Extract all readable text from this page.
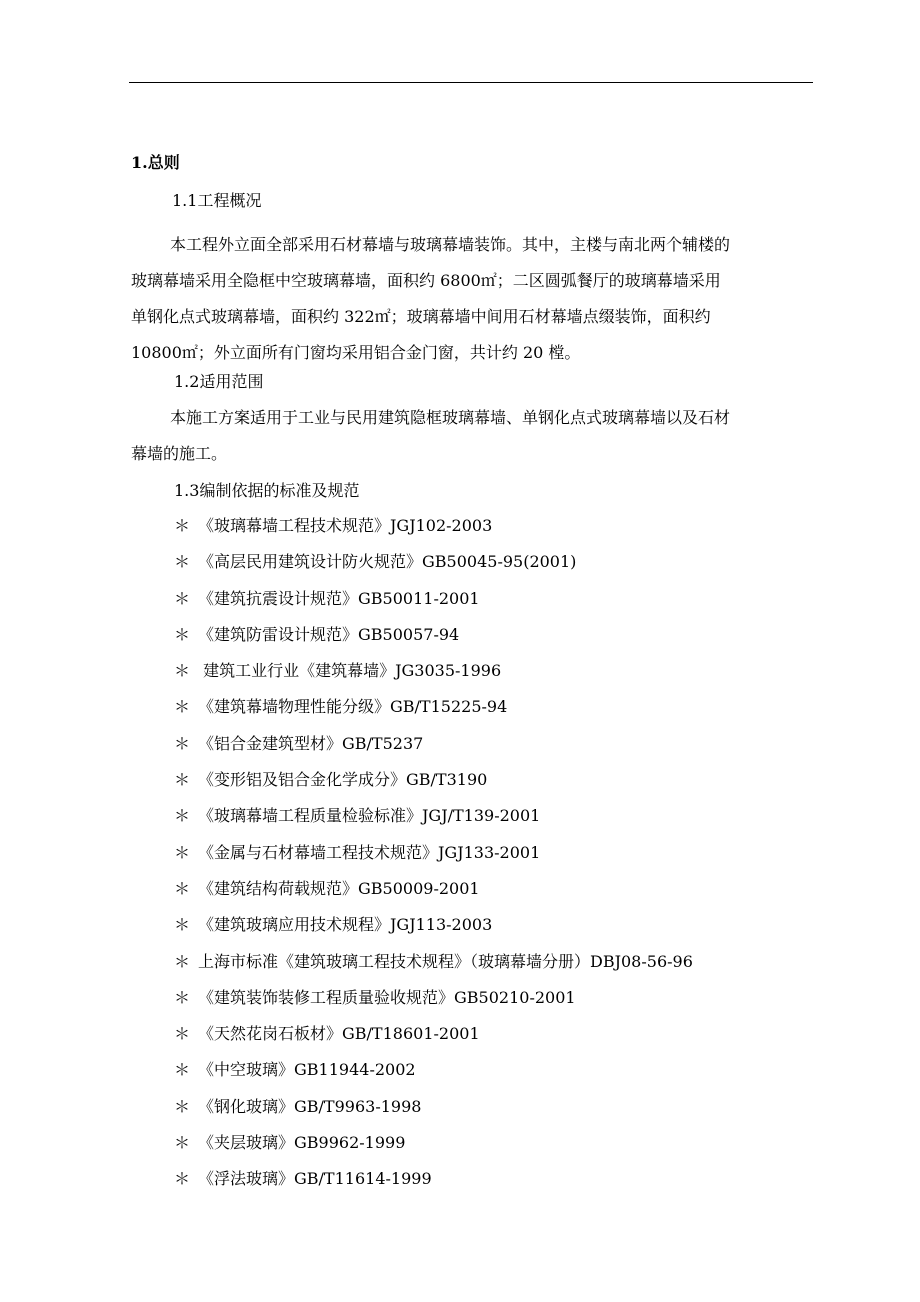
1.总则
1.1工程概况
本工程外立面全部采用石材幕墙与玻璃幕墙装饰。其中，主楼与南北两个辅楼的
玻璃幕墙采用全隐框中空玻璃幕墙，面积约 6800㎡；二区圆弧餐厅的玻璃幕墙采用
单钢化点式玻璃幕墙，面积约 322㎡；玻璃幕墙中间用石材幕墙点缀装饰，面积约
10800㎡；外立面所有门窗均采用铝合金门窗，共计约 20 樘。
1.2适用范围
本施工方案适用于工业与民用建筑隐框玻璃幕墙、单钢化点式玻璃幕墙以及石材
幕墙的施工。
1.3编制依据的标准及规范
＊ 《玻璃幕墙工程技术规范》JGJ102-2003
＊ 《高层民用建筑设计防火规范》GB50045-95(2001)
＊ 《建筑抗震设计规范》GB50011-2001
＊ 《建筑防雷设计规范》GB50057-94
＊ 建筑工业行业《建筑幕墙》JG3035-1996
＊ 《建筑幕墙物理性能分级》GB/T15225-94
＊ 《铝合金建筑型材》GB/T5237
＊ 《变形铝及铝合金化学成分》GB/T3190
＊ 《玻璃幕墙工程质量检验标准》JGJ/T139-2001
＊ 《金属与石材幕墙工程技术规范》JGJ133-2001
＊ 《建筑结构荷载规范》GB50009-2001
＊ 《建筑玻璃应用技术规程》JGJ113-2003
＊ 上海市标准《建筑玻璃工程技术规程》（玻璃幕墙分册）DBJ08-56-96
＊ 《建筑装饰装修工程质量验收规范》GB50210-2001
＊ 《天然花岗石板材》GB/T18601-2001
＊ 《中空玻璃》GB11944-2002
＊ 《钢化玻璃》GB/T9963-1998
＊ 《夹层玻璃》GB9962-1999
＊ 《浮法玻璃》GB/T11614-1999
